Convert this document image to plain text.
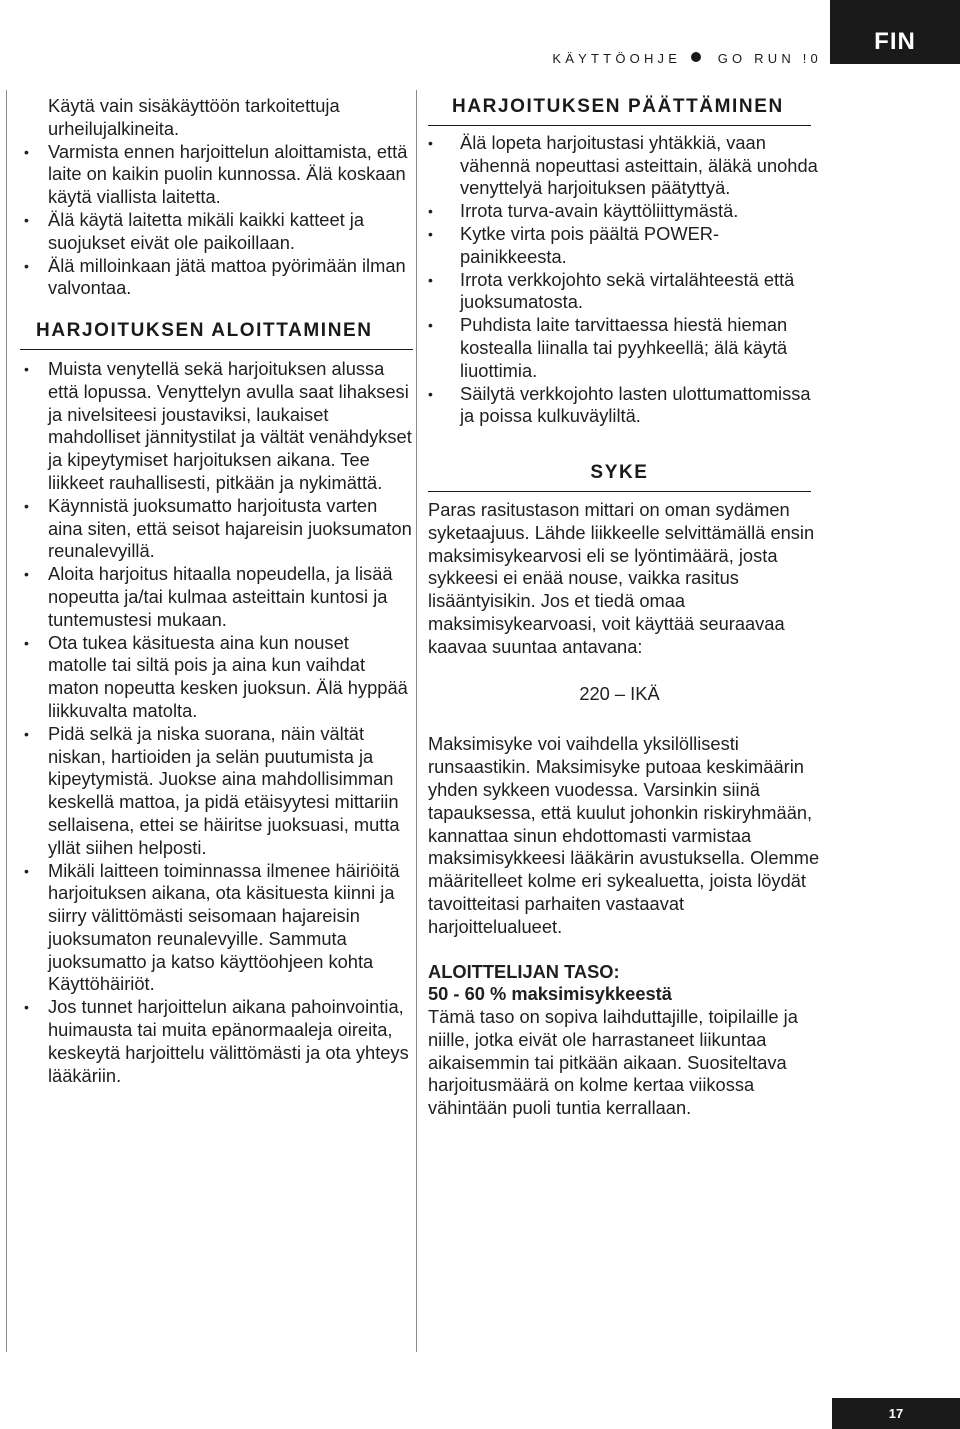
KÄYTTÖOHJE	GO RUN !0
FIN

Käytä vain sisäkäyttöön tarkoitettuja urheilujalkineita.

• Varmista ennen harjoittelun aloittamista, että laite on kaikin puolin kunnossa. Älä koskaan käytä viallista laitetta.
• Älä käytä laitetta mikäli kaikki katteet ja suojukset eivät ole paikoillaan.
• Älä milloinkaan jätä mattoa pyörimään ilman valvontaa.
HARJOITUKSEN ALOITTAMINEN
• Muista venytellä sekä harjoituksen alussa että lopussa. Venyttelyn avulla saat lihaksesi ja nivelsiteesi joustaviksi, laukaiset mahdolliset jännitystilat ja vältät venähdykset ja kipeytymiset harjoituksen aikana. Tee liikkeet rauhallisesti, pitkään ja nykimättä.
• Käynnistä juoksumatto harjoitusta varten aina siten, että seisot hajareisin juoksumaton reunalevyillä.
• Aloita harjoitus hitaalla nopeudella, ja lisää nopeutta ja/tai kulmaa asteittain kuntosi ja tuntemustesi mukaan.
• Ota tukea käsituesta aina kun nouset matolle tai siltä pois ja aina kun vaihdat maton nopeutta kesken juoksun. Älä hyppää liikkuvalta matolta.
• Pidä selkä ja niska suorana, näin vältät niskan, hartioiden ja selän puutumista ja kipeytymistä. Juokse aina mahdollisimman keskellä mattoa, ja pidä etäisyytesi mittariin sellaisena, ettei se häiritse juoksuasi, mutta yllät siihen helposti.
• Mikäli laitteen toiminnassa ilmenee häiriöitä harjoituksen aikana, ota käsituesta kiinni ja siirry välittömästi seisomaan hajareisin juoksumaton reunalevyille. Sammuta juoksumatto ja katso käyttöohjeen kohta Käyttöhäiriöt.
• Jos tunnet harjoittelun aikana pahoinvointia, huimausta tai muita epänormaaleja oireita, keskeytä harjoittelu välittömästi ja ota yhteys lääkäriin.
HARJOITUKSEN PÄÄTTÄMINEN
• Älä lopeta harjoitustasi yhtäkkiä, vaan vähennä nopeuttasi asteittain, äläkä unohda venyttelyä harjoituksen päätyttyä.
• Irrota turva-avain käyttöliittymästä.
• Kytke virta pois päältä POWER-painikkeesta.
• Irrota verkkojohto sekä virtalähteestä että juoksumatosta.
• Puhdista laite tarvittaessa hiestä hieman kostealla liinalla tai pyyhkeellä; älä käytä liuottimia.
• Säilytä verkkojohto lasten ulottumattomissa ja poissa kulkuväyliltä.
SYKE

Paras rasitustason mittari on oman sydämen syketaajuus. Lähde liikkeelle selvittämällä ensin maksimisykearvosi eli se lyöntimäärä, josta sykkeesi ei enää nouse, vaikka rasitus lisääntyisikin. Jos et tiedä omaa maksimisykearvoasi, voit käyttää seuraavaa kaavaa suuntaa antavana:

220 – IKÄ

Maksimisyke voi vaihdella yksilöllisesti runsaastikin. Maksimisyke putoaa keskimäärin yhden sykkeen vuodessa. Varsinkin siinä tapauksessa, että kuulut johonkin riskiryhmään, kannattaa sinun ehdottomasti varmistaa maksimisykkeesi lääkärin avustuksella. Olemme määritelleet kolme eri sykealuetta, joista löydät tavoitteitasi parhaiten vastaavat harjoittelualueet.

ALOITTELIJAN TASO:

50 - 60 % maksimisykkeestä

Tämä taso on sopiva laihduttajille, toipilaille ja niille, jotka eivät ole harrastaneet liikuntaa aikaisemmin tai pitkään aikaan. Suositeltava harjoitusmäärä on kolme kertaa viikossa vähintään puoli tuntia kerrallaan.

17
